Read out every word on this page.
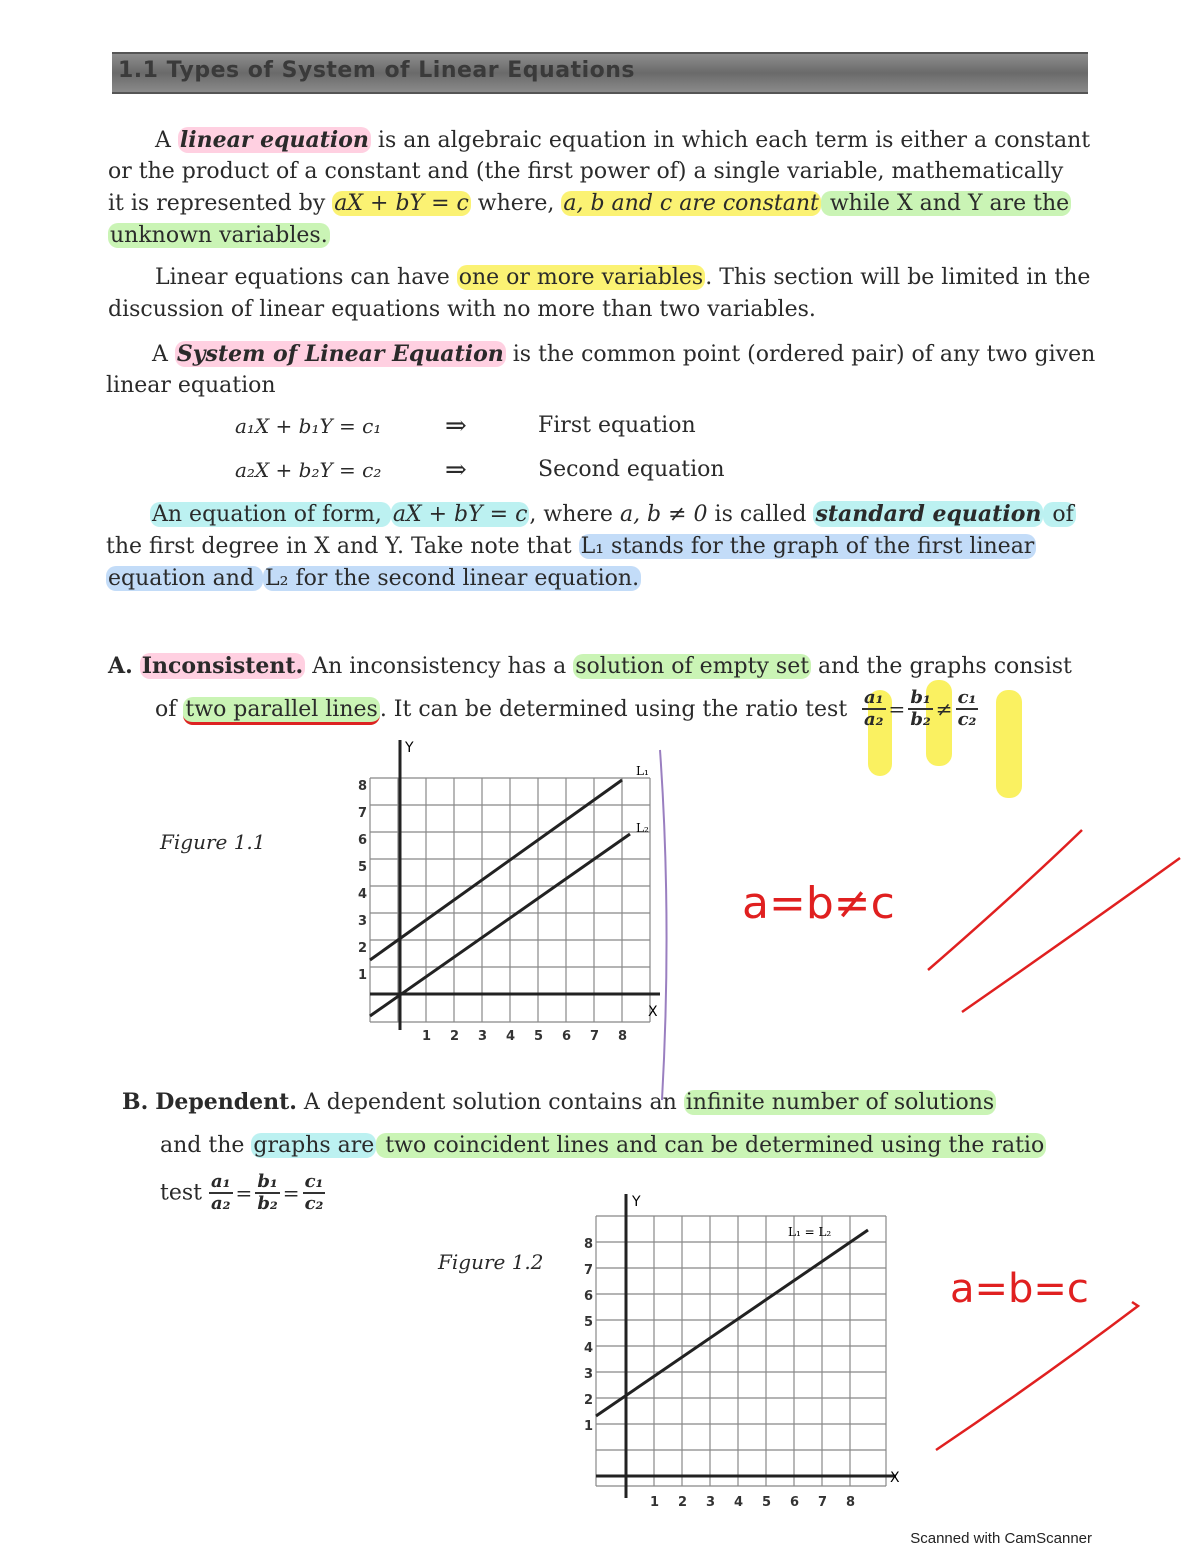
1.1 Types of System of Linear Equations
A linear equation is an algebraic equation in which each term is either a constant
or the product of a constant and (the first power of) a single variable, mathematically
it is represented by aX + bY = c where, a, b and c are constant while X and Y are the
unknown variables.
Linear equations can have one or more variables. This section will be limited in the
discussion of linear equations with no more than two variables.
A System of Linear Equation is the common point (ordered pair) of any two given
linear equation
a₁X + b₁Y = c₁ ⇒	First equation
a₂X + b₂Y = c₂ ⇒	Second equation
An equation of form, aX + bY = c, where a, b ≠ 0 is called standard equation of
the first degree in X and Y. Take note that L₁ stands for the graph of the first linear
equation and L₂ for the second linear equation.
A. Inconsistent. An inconsistency has a solution of empty set and the graphs consist
of two parallel lines. It can be determined using the ratio test $\frac{\text{a₁}}{\text{a₂}} = \frac{\text{b₁}}{\text{b₂}} \ne \frac{\text{c₁}}{\text{c₂}}$
Figure 1.1
Y
X
L₁
L₂
8
7
6
5
4
3
2
1
1 2 3 4 5 6 7 8
a=b≠c
B. Dependent. A dependent solution contains an infinite number of solutions
and the graphs are two coincident lines and can be determined using the ratio
test $\frac{\text{a₁}}{\text{a₂}} = \frac{\text{b₁}}{\text{b₂}} = \frac{\text{c₁}}{\text{c₂}}$
Figure 1.2
Y
X
L₁ = L₂
8
7
6
5
4
3
2
1
1 2 3 4 5 6 7 8
a=b=c
Scanned with CamScanner
